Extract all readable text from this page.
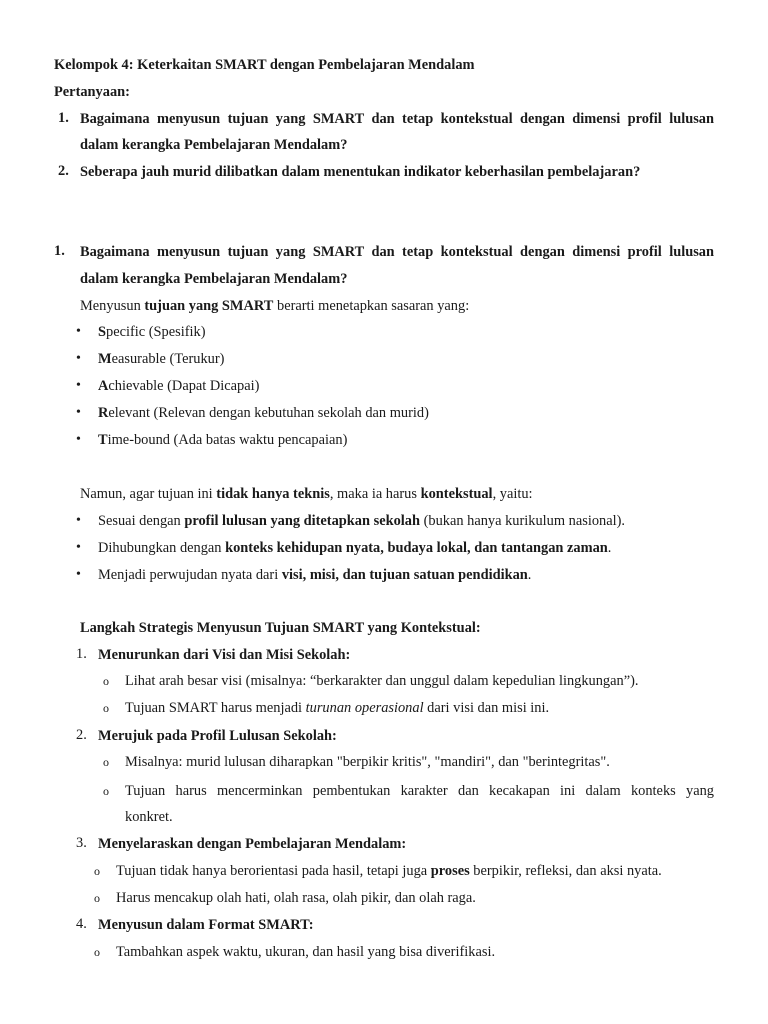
Kelompok 4: Keterkaitan SMART dengan Pembelajaran Mendalam
Pertanyaan:
1. Bagaimana menyusun tujuan yang SMART dan tetap kontekstual dengan dimensi profil lulusan
dalam kerangka Pembelajaran Mendalam?
2. Seberapa jauh murid dilibatkan dalam menentukan indikator keberhasilan pembelajaran?
1. Bagaimana menyusun tujuan yang SMART dan tetap kontekstual dengan dimensi profil lulusan
dalam kerangka Pembelajaran Mendalam?
Menyusun tujuan yang SMART berarti menetapkan sasaran yang:
• Specific (Spesifik)
• Measurable (Terukur)
• Achievable (Dapat Dicapai)
• Relevant (Relevan dengan kebutuhan sekolah dan murid)
• Time-bound (Ada batas waktu pencapaian)
Namun, agar tujuan ini tidak hanya teknis, maka ia harus kontekstual, yaitu:
• Sesuai dengan profil lulusan yang ditetapkan sekolah (bukan hanya kurikulum nasional).
• Dihubungkan dengan konteks kehidupan nyata, budaya lokal, dan tantangan zaman.
• Menjadi perwujudan nyata dari visi, misi, dan tujuan satuan pendidikan.
Langkah Strategis Menyusun Tujuan SMART yang Kontekstual:
1. Menurunkan dari Visi dan Misi Sekolah:
o Lihat arah besar visi (misalnya: “berkarakter dan unggul dalam kepedulian lingkungan”).
o Tujuan SMART harus menjadi turunan operasional dari visi dan misi ini.
2. Merujuk pada Profil Lulusan Sekolah:
o Misalnya: murid lulusan diharapkan "berpikir kritis", "mandiri", dan "berintegritas".
o Tujuan harus mencerminkan pembentukan karakter dan kecakapan ini dalam konteks yang
konkret.
3. Menyelaraskan dengan Pembelajaran Mendalam:
o Tujuan tidak hanya berorientasi pada hasil, tetapi juga proses berpikir, refleksi, dan aksi nyata.
o Harus mencakup olah hati, olah rasa, olah pikir, dan olah raga.
4. Menyusun dalam Format SMART:
o Tambahkan aspek waktu, ukuran, dan hasil yang bisa diverifikasi.
